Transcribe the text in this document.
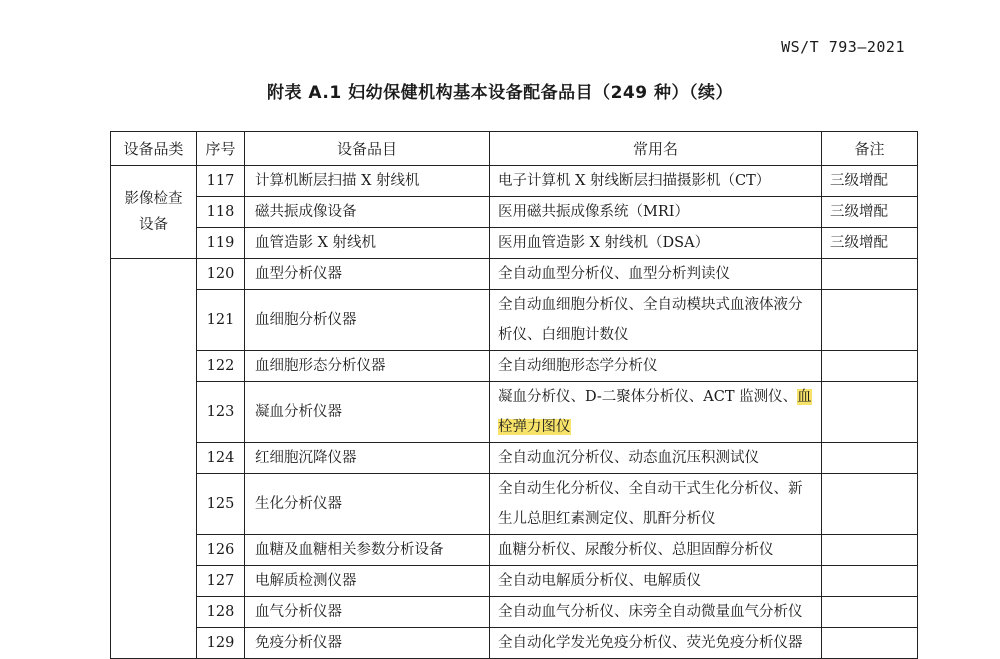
WS/T 793—2021
附表 A.1 妇幼保健机构基本设备配备品目（249 种）（续）
设备品类	序号	设备品目	常用名	备注
影像检查
设备	117	计算机断层扫描 X 射线机	电子计算机 X 射线断层扫描摄影机（CT）	三级增配
	118	磁共振成像设备	医用磁共振成像系统（MRI）	三级增配
	119	血管造影 X 射线机	医用血管造影 X 射线机（DSA）	三级增配
	120	血型分析仪器	全自动血型分析仪、血型分析判读仪	
	121	血细胞分析仪器	全自动血细胞分析仪、全自动模块式血液体液分析仪、白细胞计数仪	
	122	血细胞形态分析仪器	全自动细胞形态学分析仪	
	123	凝血分析仪器	凝血分析仪、D-二聚体分析仪、ACT 监测仪、血栓弹力图仪	
	124	红细胞沉降仪器	全自动血沉分析仪、动态血沉压积测试仪	
	125	生化分析仪器	全自动生化分析仪、全自动干式生化分析仪、新生儿总胆红素测定仪、肌酐分析仪	
	126	血糖及血糖相关参数分析设备	血糖分析仪、尿酸分析仪、总胆固醇分析仪	
	127	电解质检测仪器	全自动电解质分析仪、电解质仪	
	128	血气分析仪器	全自动血气分析仪、床旁全自动微量血气分析仪	
	129	免疫分析仪器	全自动化学发光免疫分析仪、荧光免疫分析仪器	
